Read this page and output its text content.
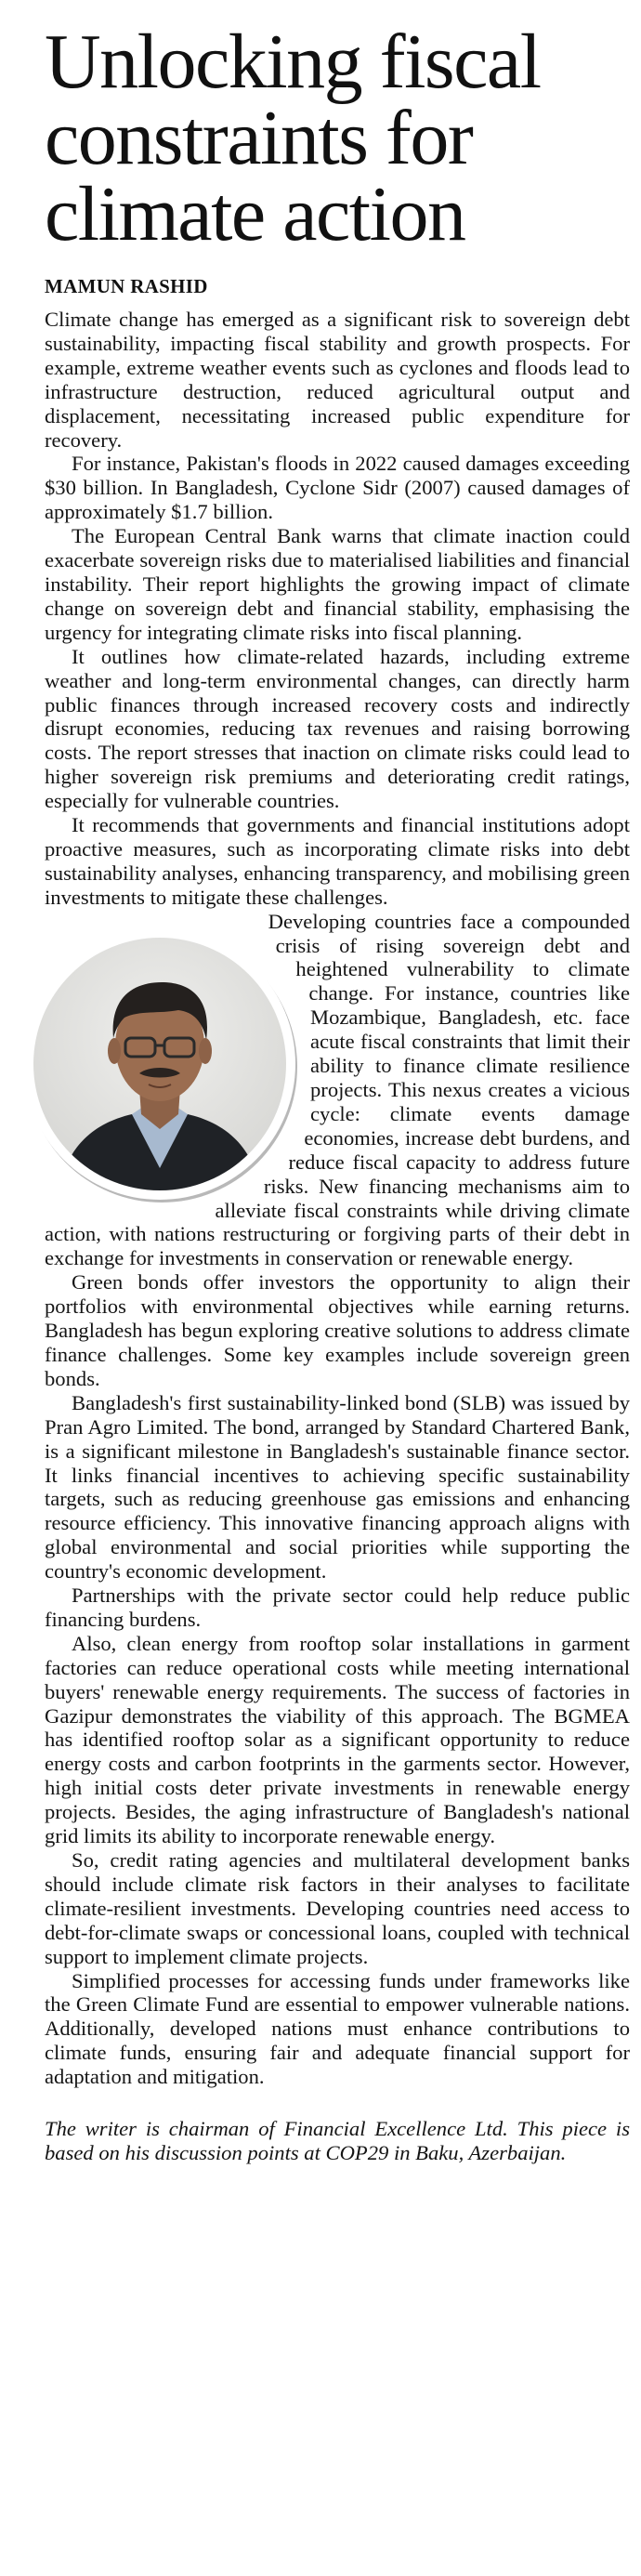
Unlocking fiscal
constraints for
climate action
MAMUN RASHID

Climate change has emerged as a significant risk to sovereign debt sustainability, impacting fiscal stability and growth prospects. For example, extreme weather events such as cyclones and floods lead to infrastructure destruction, reduced agricultural output and displacement, necessitating increased public expenditure for recovery.

For instance, Pakistan's floods in 2022 caused damages exceeding $30 billion. In Bangladesh, Cyclone Sidr (2007) caused damages of approximately $1.7 billion.

The European Central Bank warns that climate inaction could exacerbate sovereign risks due to materialised liabilities and financial instability. Their report highlights the growing impact of climate change on sovereign debt and financial stability, emphasising the urgency for integrating climate risks into fiscal planning.

It outlines how climate-related hazards, including extreme weather and long-term environmental changes, can directly harm public finances through increased recovery costs and indirectly disrupt economies, reducing tax revenues and raising borrowing costs. The report stresses that inaction on climate risks could lead to higher sovereign risk premiums and deteriorating credit ratings, especially for vulnerable countries.

It recommends that governments and financial institutions adopt proactive measures, such as incorporating climate risks into debt sustainability analyses, enhancing transparency, and mobilising green investments to mitigate these challenges.

Developing countries face a compounded crisis of rising sovereign debt and heightened vulnerability to climate change. For instance, countries like Mozambique, Bangladesh, etc. face acute fiscal constraints that limit their ability to finance climate resilience projects. This nexus creates a vicious cycle: climate events damage economies, increase debt burdens, and reduce fiscal capacity to address future risks. New financing mechanisms aim to alleviate fiscal constraints while driving climate action, with nations restructuring or forgiving parts of their debt in exchange for investments in conservation or renewable energy.

Green bonds offer investors the opportunity to align their portfolios with environmental objectives while earning returns. Bangladesh has begun exploring creative solutions to address climate finance challenges. Some key examples include sovereign green bonds.

Bangladesh's first sustainability-linked bond (SLB) was issued by Pran Agro Limited. The bond, arranged by Standard Chartered Bank, is a significant milestone in Bangladesh's sustainable finance sector. It links financial incentives to achieving specific sustainability targets, such as reducing greenhouse gas emissions and enhancing resource efficiency. This innovative financing approach aligns with global environmental and social priorities while supporting the country's economic development.

Partnerships with the private sector could help reduce public financing burdens.

Also, clean energy from rooftop solar installations in garment factories can reduce operational costs while meeting international buyers' renewable energy requirements. The success of factories in Gazipur demonstrates the viability of this approach. The BGMEA has identified rooftop solar as a significant opportunity to reduce energy costs and carbon footprints in the garments sector. However, high initial costs deter private investments in renewable energy projects. Besides, the aging infrastructure of Bangladesh's national grid limits its ability to incorporate renewable energy.

So, credit rating agencies and multilateral development banks should include climate risk factors in their analyses to facilitate climate-resilient investments. Developing countries need access to debt-for-climate swaps or concessional loans, coupled with technical support to implement climate projects.

Simplified processes for accessing funds under frameworks like the Green Climate Fund are essential to empower vulnerable nations. Additionally, developed nations must enhance contributions to climate funds, ensuring fair and adequate financial support for adaptation and mitigation.

The writer is chairman of Financial Excellence Ltd. This piece is based on his discussion points at COP29 in Baku, Azerbaijan.
